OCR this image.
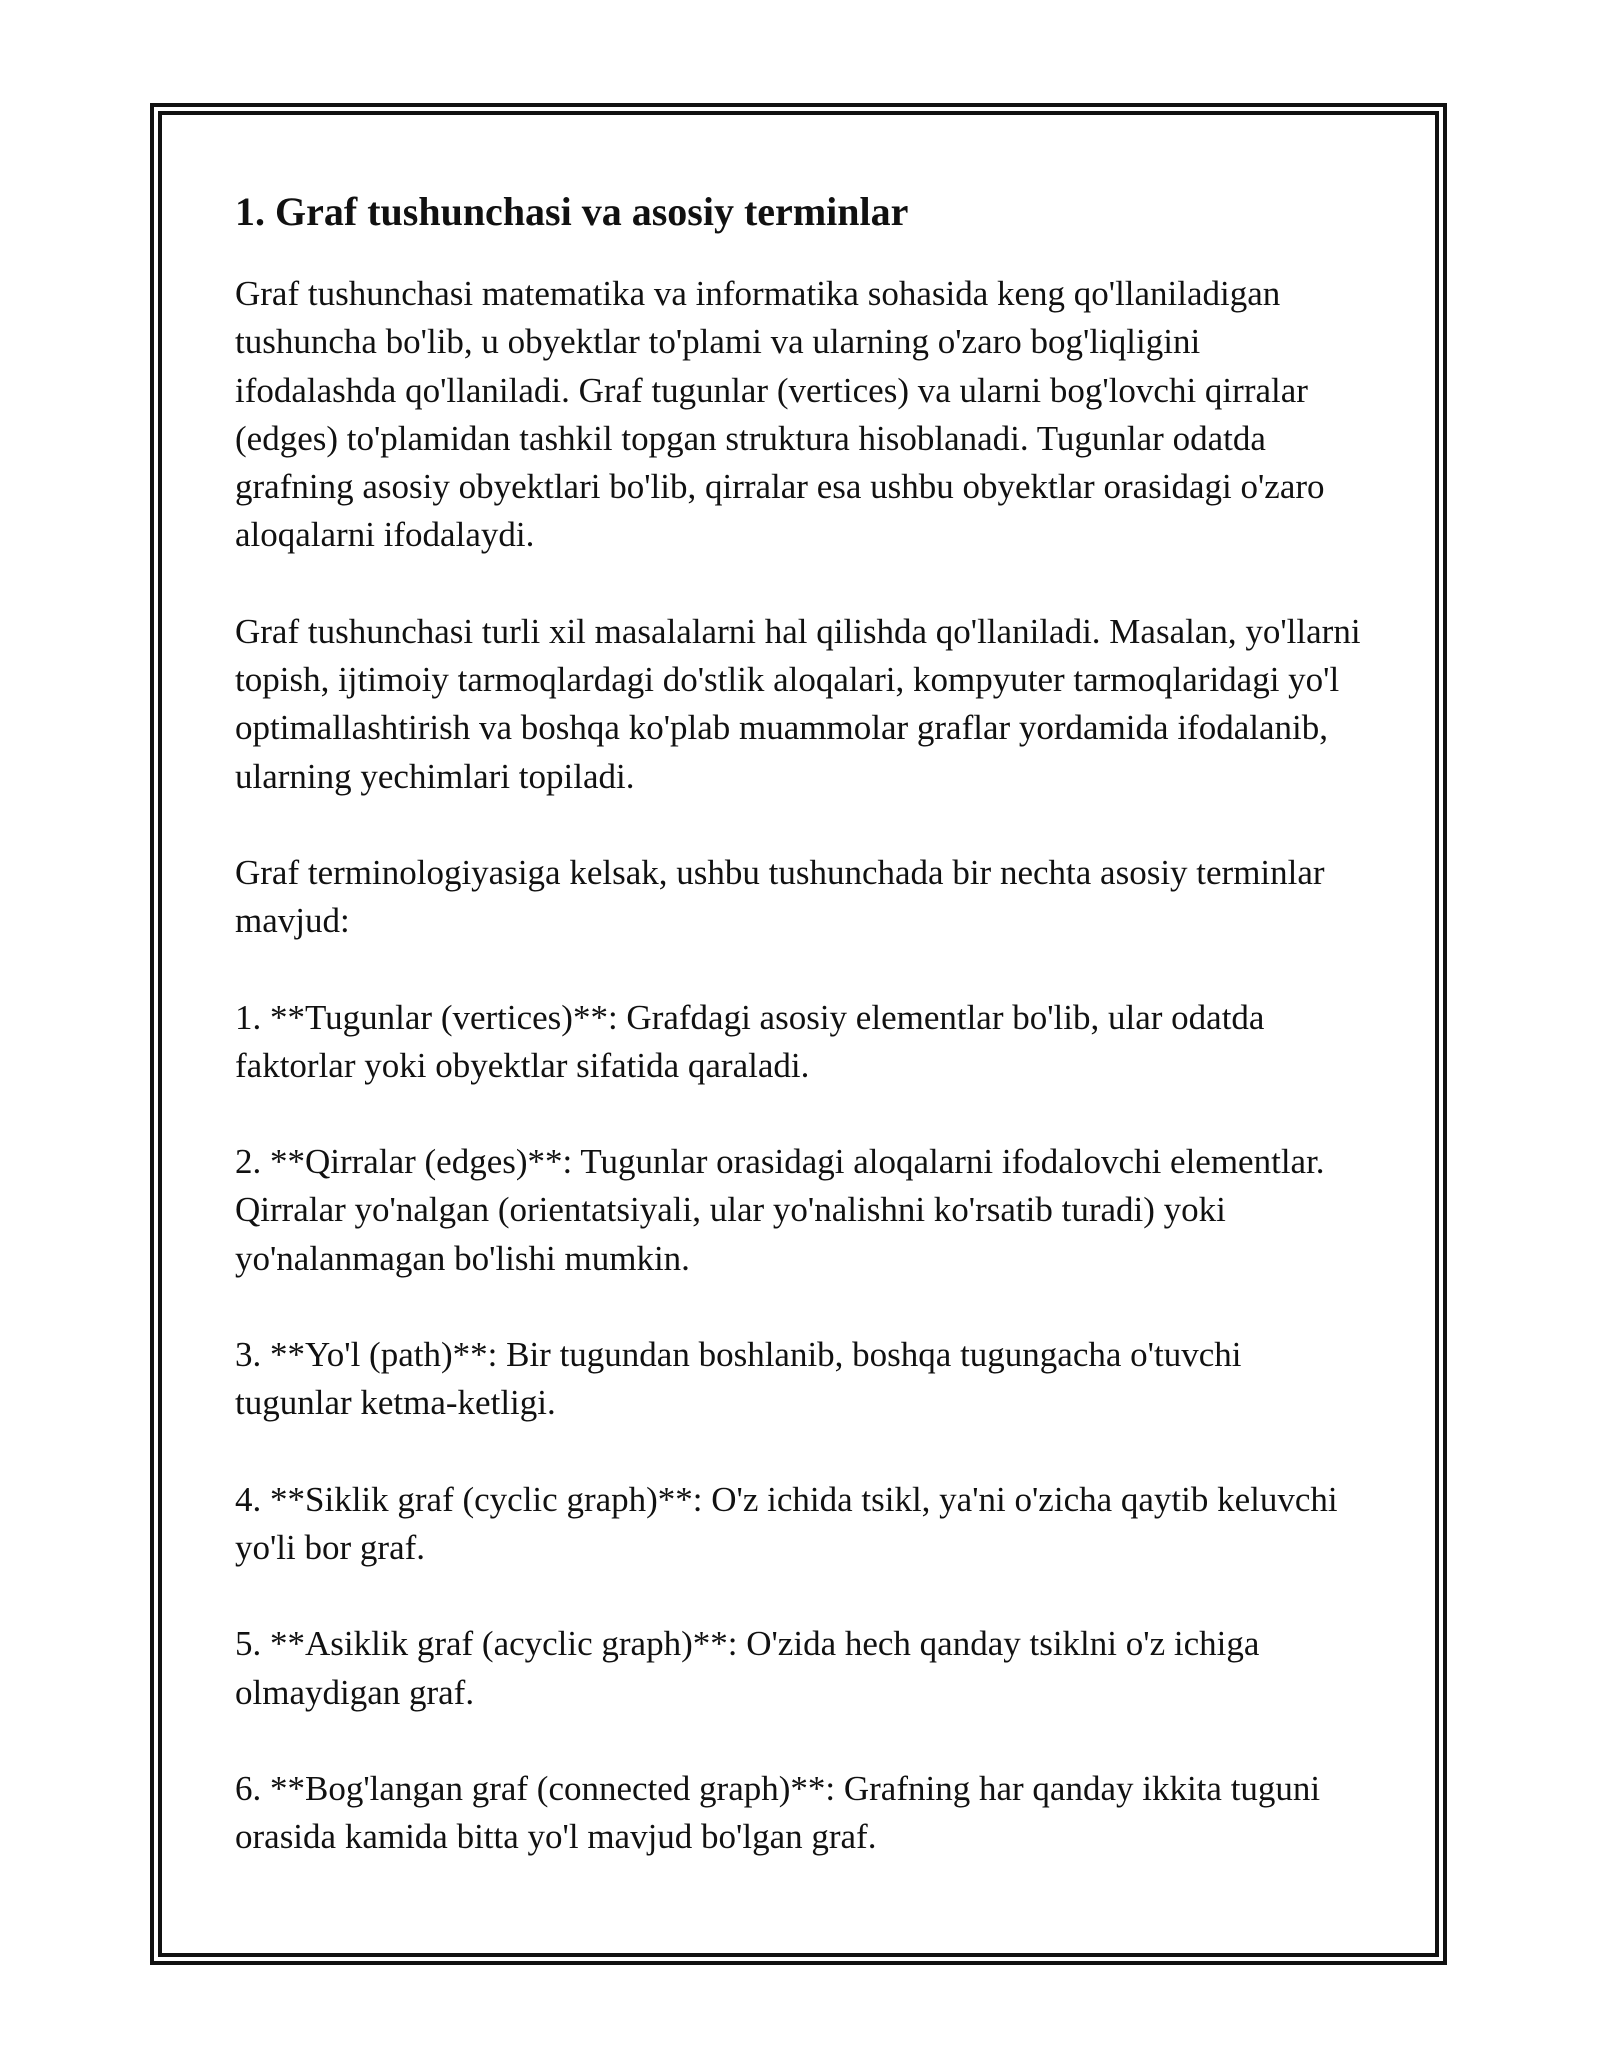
1. Graf tushunchasi va asosiy terminlar

Graf tushunchasi matematika va informatika sohasida keng qo'llaniladigan tushuncha bo'lib, u obyektlar to'plami va ularning o'zaro bog'liqligini ifodalashda qo'llaniladi. Graf tugunlar (vertices) va ularni bog'lovchi qirralar (edges) to'plamidan tashkil topgan struktura hisoblanadi. Tugunlar odatda grafning asosiy obyektlari bo'lib, qirralar esa ushbu obyektlar orasidagi o'zaro aloqalarni ifodalaydi.

Graf tushunchasi turli xil masalalarni hal qilishda qo'llaniladi. Masalan, yo'llarni topish, ijtimoiy tarmoqlardagi do'stlik aloqalari, kompyuter tarmoqlaridagi yo'l optimallashtirish va boshqa ko'plab muammolar graflar yordamida ifodalanib, ularning yechimlari topiladi.

Graf terminologiyasiga kelsak, ushbu tushunchada bir nechta asosiy terminlar mavjud:

1. **Tugunlar (vertices)**: Grafdagi asosiy elementlar bo'lib, ular odatda faktorlar yoki obyektlar sifatida qaraladi.

2. **Qirralar (edges)**: Tugunlar orasidagi aloqalarni ifodalovchi elementlar. Qirralar yo'nalgan (orientatsiyali, ular yo'nalishni ko'rsatib turadi) yoki yo'nalanmagan bo'lishi mumkin.

3. **Yo'l (path)**: Bir tugundan boshlanib, boshqa tugungacha o'tuvchi tugunlar ketma-ketligi.

4. **Siklik graf (cyclic graph)**: O'z ichida tsikl, ya'ni o'zicha qaytib keluvchi yo'li bor graf.

5. **Asiklik graf (acyclic graph)**: O'zida hech qanday tsiklni o'z ichiga olmaydigan graf.

6. **Bog'langan graf (connected graph)**: Grafning har qanday ikkita tuguni orasida kamida bitta yo'l mavjud bo'lgan graf.
